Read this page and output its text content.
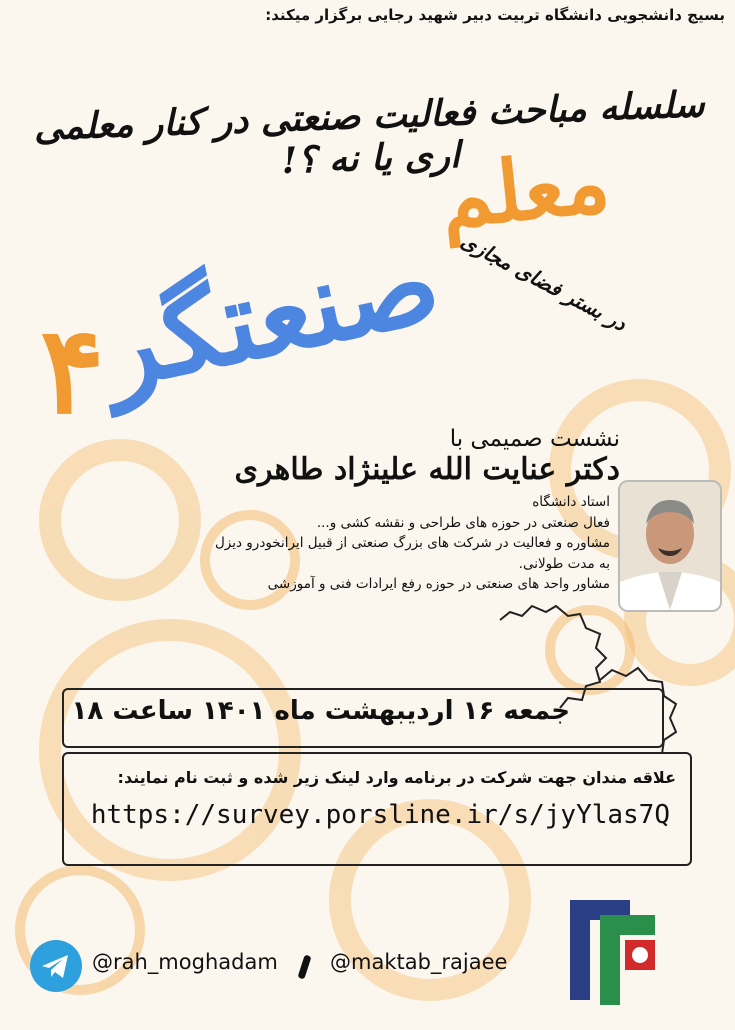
بسیج دانشجویی دانشگاه تربیت دبیر شهید رجایی برگزار میکند:
سلسله مباحث فعالیت صنعتی در کنار معلمی اری یا نه ؟!
معلم
صنعتگر
۴
در بستر فضای مجازی
نشست صمیمی با
دکتر عنایت الله علینژاد طاهری
استاد دانشگاه
فعال صنعتی در حوزه های طراحی و نقشه کشی و...
مشاوره و فعالیت در شرکت های بزرگ صنعتی از قبیل ایرانخودرو دیزل
به مدت طولانی.
مشاور واحد های صنعتی در حوزه رفع ایرادات فنی و آموزشی
جمعه ۱۶ اردیبهشت ماه ۱۴۰۱ ساعت ۱۸
علاقه مندان جهت شرکت در برنامه وارد لینک زیر شده و ثبت نام نمایند:
https://survey.porsline.ir/s/jyYlas7Q
@rah_moghadam @maktab_rajaee
